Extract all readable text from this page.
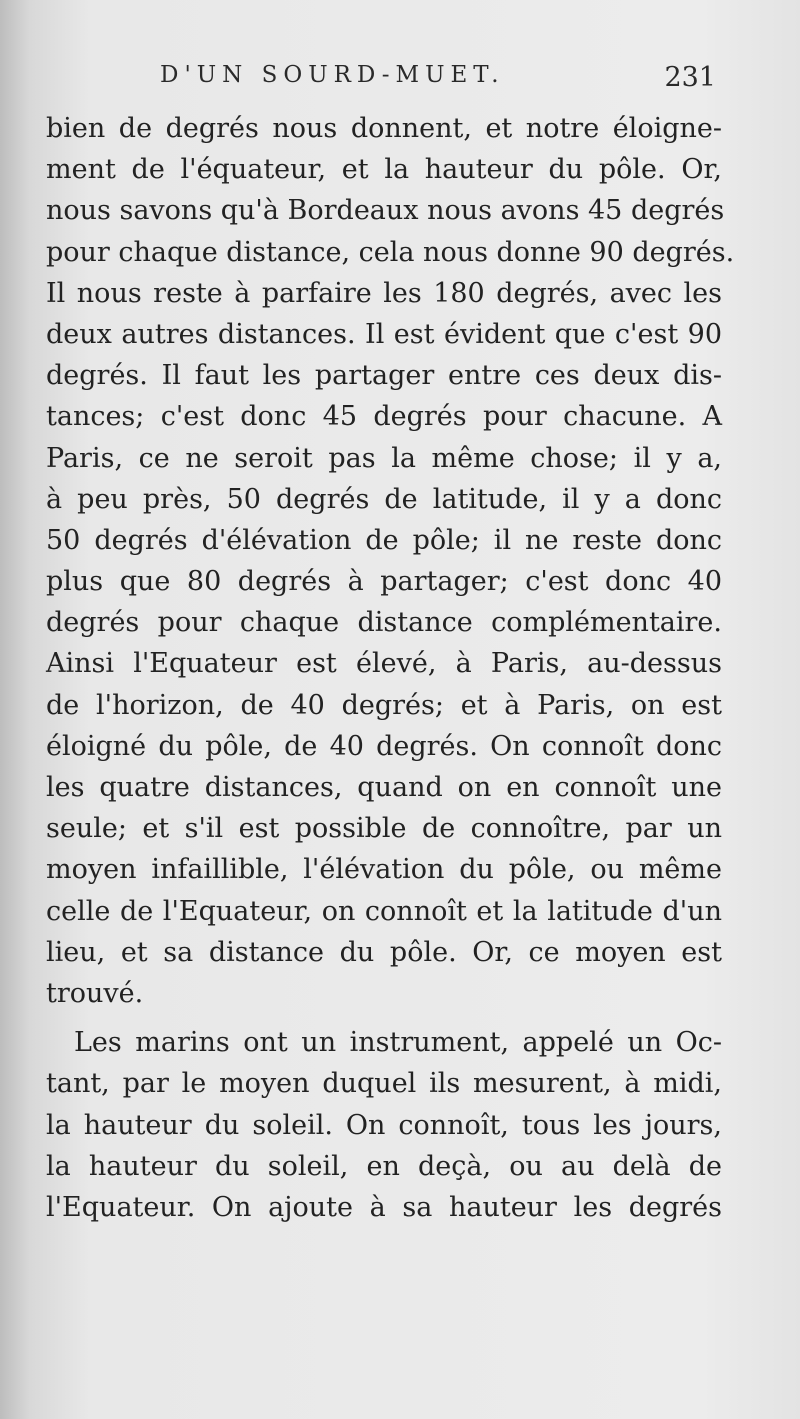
D'UN SOURD-MUET.	231
bien de degrés nous donnent, et notre éloigne-
ment de l'équateur, et la hauteur du pôle. Or,
nous savons qu'à Bordeaux nous avons 45 degrés
pour chaque distance, cela nous donne 90 degrés.
Il nous reste à parfaire les 180 degrés, avec les
deux autres distances. Il est évident que c'est 90
degrés. Il faut les partager entre ces deux dis-
tances; c'est donc 45 degrés pour chacune. A
Paris, ce ne seroit pas la même chose; il y a,
à peu près, 50 degrés de latitude, il y a donc
50 degrés d'élévation de pôle; il ne reste donc
plus que 80 degrés à partager; c'est donc 40
degrés pour chaque distance complémentaire.
Ainsi l'Equateur est élevé, à Paris, au-dessus
de l'horizon, de 40 degrés; et à Paris, on est
éloigné du pôle, de 40 degrés. On connoît donc
les quatre distances, quand on en connoît une
seule; et s'il est possible de connoître, par un
moyen infaillible, l'élévation du pôle, ou même
celle de l'Equateur, on connoît et la latitude d'un
lieu, et sa distance du pôle. Or, ce moyen est
trouvé.
Les marins ont un instrument, appelé un Oc-
tant, par le moyen duquel ils mesurent, à midi,
la hauteur du soleil. On connoît, tous les jours,
la hauteur du soleil, en deçà, ou au delà de
l'Equateur. On ajoute à sa hauteur les degrés
